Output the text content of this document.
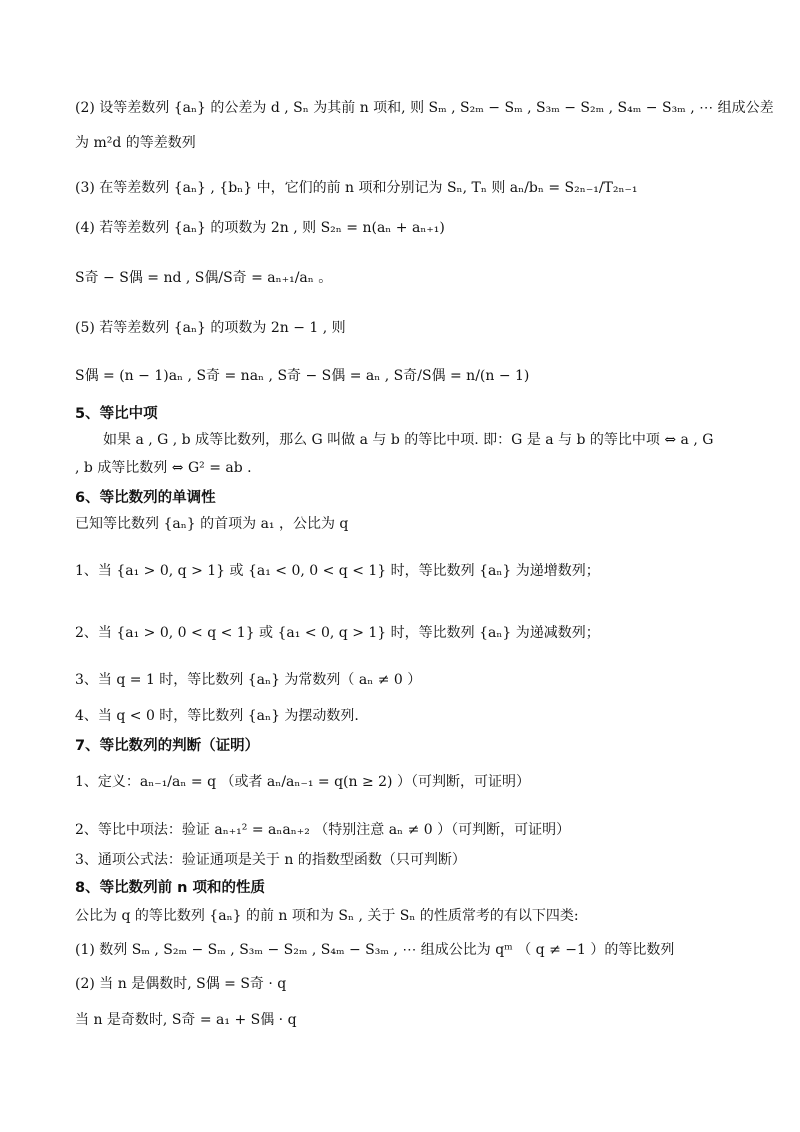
(2) 设等差数列 {aₙ} 的公差为 d , Sₙ 为其前 n 项和, 则 Sₘ , S₂ₘ − Sₘ , S₃ₘ − S₂ₘ , S₄ₘ − S₃ₘ , ⋯ 组成公差
为 m²d 的等差数列
(3) 在等差数列 {aₙ} , {bₙ} 中，它们的前 n 项和分别记为 Sₙ, Tₙ 则 aₙ/bₙ = S₂ₙ₋₁/T₂ₙ₋₁
(4) 若等差数列 {aₙ} 的项数为 2n , 则 S₂ₙ = n(aₙ + aₙ₊₁)
S奇 − S偶 = nd , S偶/S奇 = aₙ₊₁/aₙ 。
(5) 若等差数列 {aₙ} 的项数为 2n − 1 , 则
S偶 = (n − 1)aₙ , S奇 = naₙ , S奇 − S偶 = aₙ , S奇/S偶 = n/(n − 1)
5、等比中项
如果 a , G , b 成等比数列，那么 G 叫做 a 与 b 的等比中项. 即：G 是 a 与 b 的等比中项 ⇔ a , G
, b 成等比数列 ⇔ G² = ab .
6、等比数列的单调性
已知等比数列 {aₙ} 的首项为 a₁ ，公比为 q
1、当 {a₁ > 0, q > 1} 或 {a₁ < 0, 0 < q < 1} 时，等比数列 {aₙ} 为递增数列；
2、当 {a₁ > 0, 0 < q < 1} 或 {a₁ < 0, q > 1} 时，等比数列 {aₙ} 为递减数列；
3、当 q = 1 时，等比数列 {aₙ} 为常数列（ aₙ ≠ 0 ）
4、当 q < 0 时，等比数列 {aₙ} 为摆动数列.
7、等比数列的判断（证明）
1、定义：aₙ₋₁/aₙ = q （或者 aₙ/aₙ₋₁ = q(n ≥ 2) ）（可判断，可证明）
2、等比中项法：验证 aₙ₊₁² = aₙaₙ₊₂ （特别注意 aₙ ≠ 0 ）（可判断，可证明）
3、通项公式法：验证通项是关于 n 的指数型函数（只可判断）
8、等比数列前 n 项和的性质
公比为 q 的等比数列 {aₙ} 的前 n 项和为 Sₙ , 关于 Sₙ 的性质常考的有以下四类:
(1) 数列 Sₘ , S₂ₘ − Sₘ , S₃ₘ − S₂ₘ , S₄ₘ − S₃ₘ , ⋯ 组成公比为 qᵐ （ q ≠ −1 ）的等比数列
(2) 当 n 是偶数时, S偶 = S奇 · q
当 n 是奇数时, S奇 = a₁ + S偶 · q
